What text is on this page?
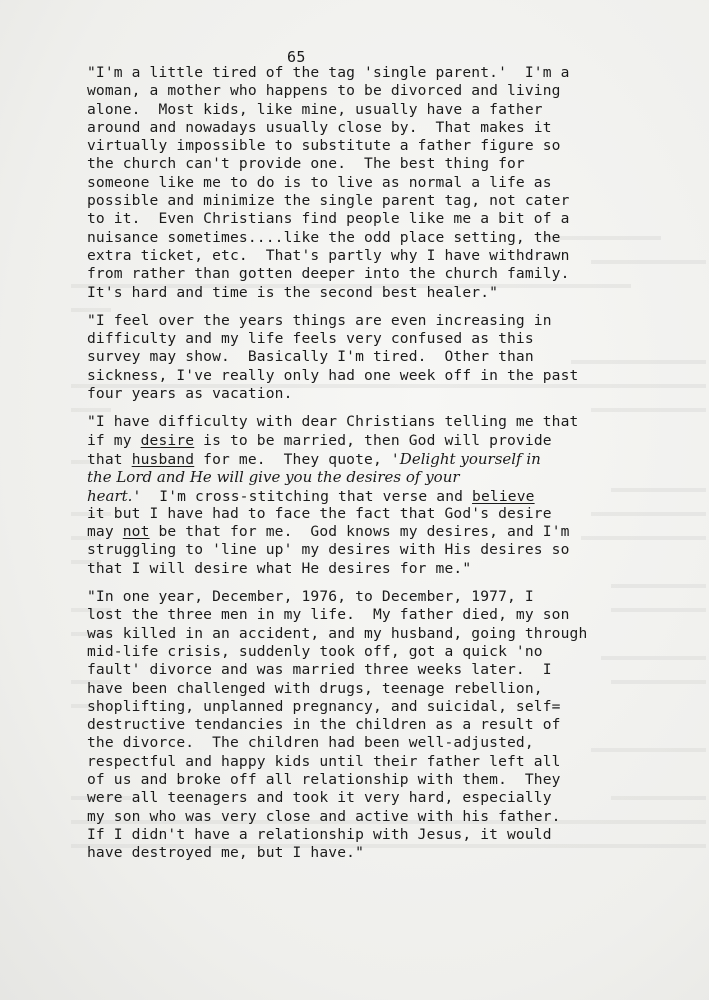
65
"I'm a little tired of the tag 'single parent.'  I'm a
woman, a mother who happens to be divorced and living
alone.  Most kids, like mine, usually have a father
around and nowadays usually close by.  That makes it
virtually impossible to substitute a father figure so
the church can't provide one.  The best thing for
someone like me to do is to live as normal a life as
possible and minimize the single parent tag, not cater
to it.  Even Christians find people like me a bit of a
nuisance sometimes....like the odd place setting, the
extra ticket, etc.  That's partly why I have withdrawn
from rather than gotten deeper into the church family.
It's hard and time is the second best healer."
"I feel over the years things are even increasing in
difficulty and my life feels very confused as this
survey may show.  Basically I'm tired.  Other than
sickness, I've really only had one week off in the past
four years as vacation.
"I have difficulty with dear Christians telling me that
if my desire is to be married, then God will provide
that husband for me.  They quote, 'Delight yourself in
the Lord and He will give you the desires of your
heart.'  I'm cross-stitching that verse and believe
it but I have had to face the fact that God's desire
may not be that for me.  God knows my desires, and I'm
struggling to 'line up' my desires with His desires so
that I will desire what He desires for me."
"In one year, December, 1976, to December, 1977, I
lost the three men in my life.  My father died, my son
was killed in an accident, and my husband, going through
mid-life crisis, suddenly took off, got a quick 'no
fault' divorce and was married three weeks later.  I
have been challenged with drugs, teenage rebellion,
shoplifting, unplanned pregnancy, and suicidal, self=
destructive tendancies in the children as a result of
the divorce.  The children had been well-adjusted,
respectful and happy kids until their father left all
of us and broke off all relationship with them.  They
were all teenagers and took it very hard, especially
my son who was very close and active with his father.
If I didn't have a relationship with Jesus, it would
have destroyed me, but I have."
